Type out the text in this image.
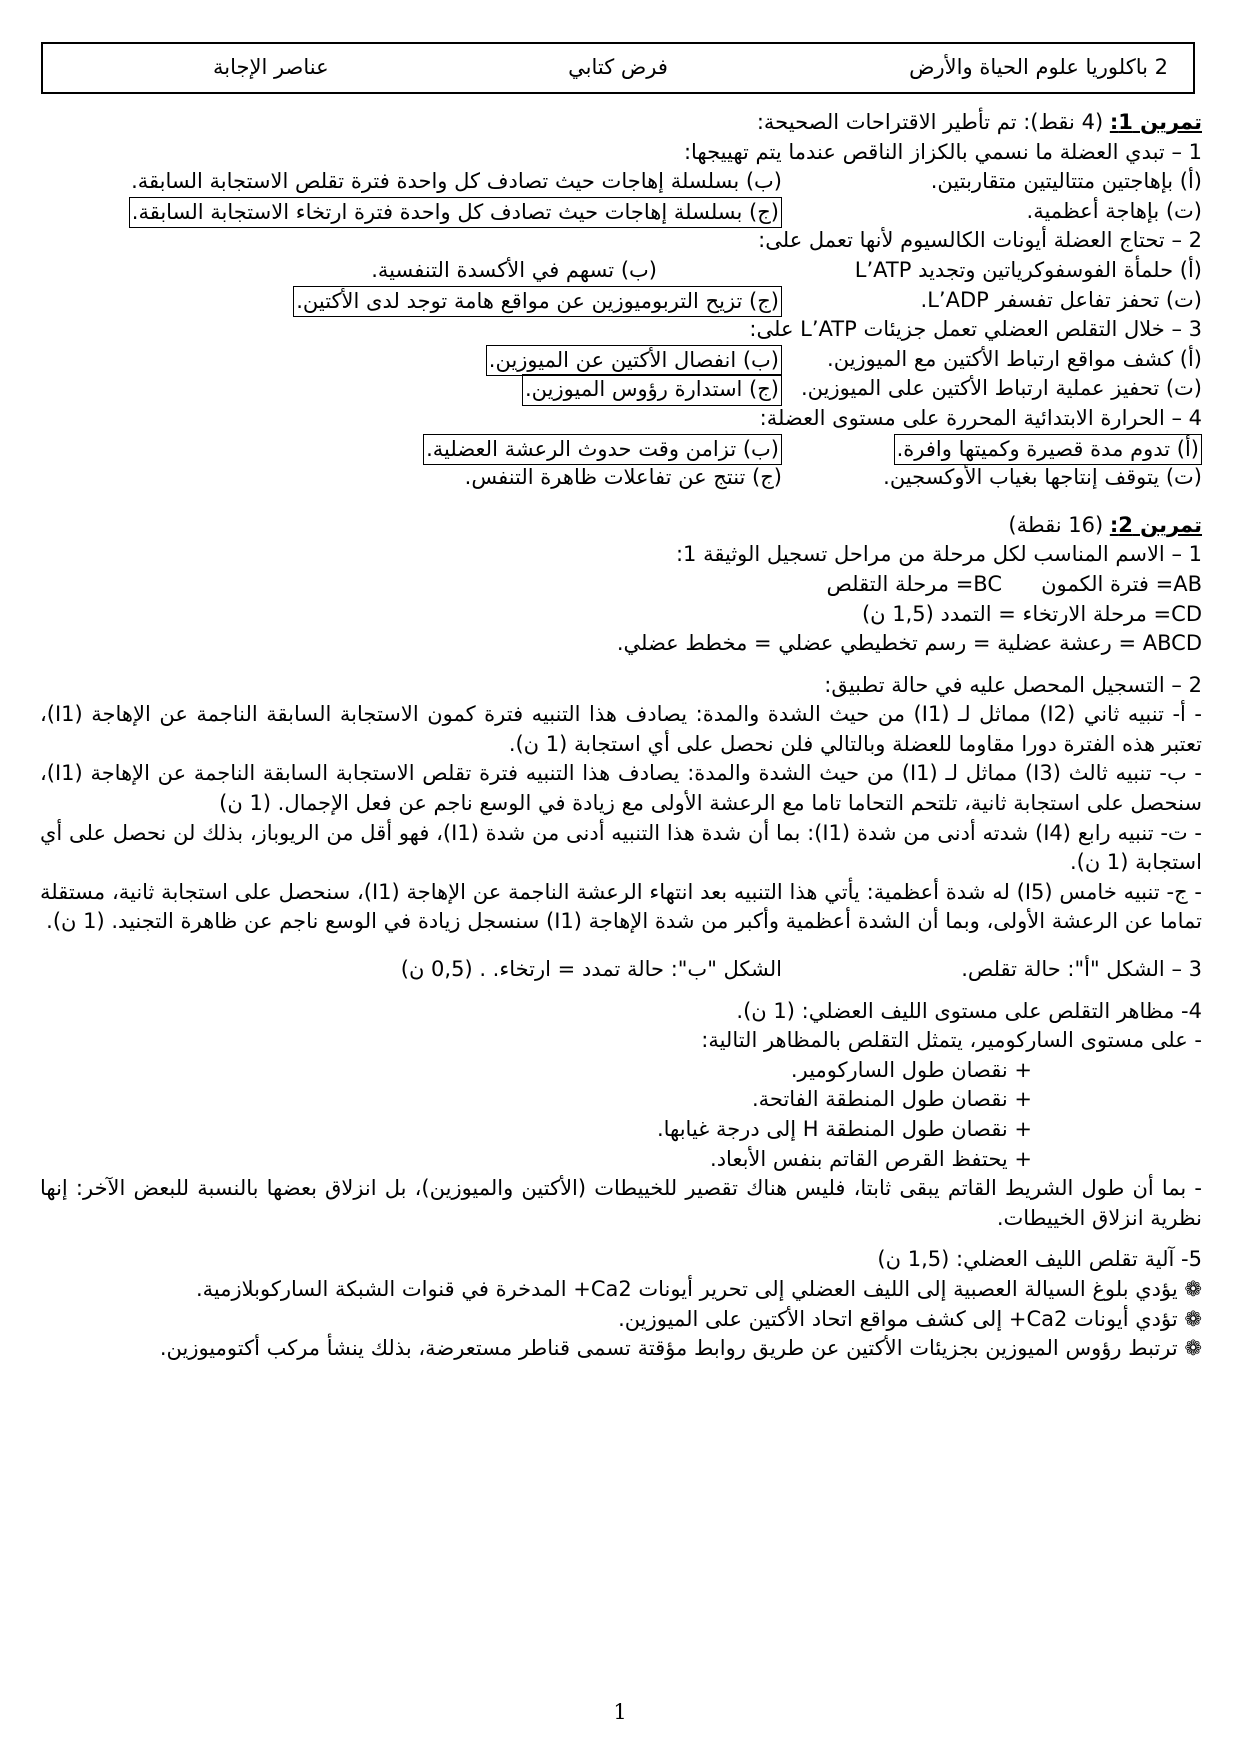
2 باكلوريا علوم الحياة والأرض
فرض كتابي
عناصر الإجابة
تمرين 1: (4 نقط): تم تأطير الاقتراحات الصحيحة:
1 – تبدي العضلة ما نسمي بالكزاز الناقص عندما يتم تهييجها:
(أ) بإهاجتين متتاليتين متقاربتين.
(ب) بسلسلة إهاجات حيث تصادف كل واحدة فترة تقلص الاستجابة السابقة.
(ت) بإهاجة أعظمية.
(ج) بسلسلة إهاجات حيث تصادف كل واحدة فترة ارتخاء الاستجابة السابقة.
2 – تحتاج العضلة أيونات الكالسيوم لأنها تعمل على:
(أ) حلمأة الفوسفوكرياتين وتجديد L’ATP
(ب) تسهم في الأكسدة التنفسية.
(ت) تحفز تفاعل تفسفر L’ADP.
(ج) تزيح التربوميوزين عن مواقع هامة توجد لدى الأكتين.
3 – خلال التقلص العضلي تعمل جزيئات L’ATP على:
(أ) كشف مواقع ارتباط الأكتين مع الميوزين.
(ب) انفصال الأكتين عن الميوزين.
(ت) تحفيز عملية ارتباط الأكتين على الميوزين.
(ج) استدارة رؤوس الميوزين.
4 – الحرارة الابتدائية المحررة على مستوى العضلة:
(أ) تدوم مدة قصيرة وكميتها وافرة.
(ب) تزامن وقت حدوث الرعشة العضلية.
(ت) يتوقف إنتاجها بغياب الأوكسجين.
(ج) تنتج عن تفاعلات ظاهرة التنفس.
تمرين 2: (16 نقطة)
1 – الاسم المناسب لكل مرحلة من مراحل تسجيل الوثيقة 1:
AB= فترة الكمون
BC= مرحلة التقلص
CD= مرحلة الارتخاء = التمدد (1,5 ن)
ABCD = رعشة عضلية = رسم تخطيطي عضلي = مخطط عضلي.
2 – التسجيل المحصل عليه في حالة تطبيق:
- أ- تنبيه ثاني (I2) مماثل لـ (I1) من حيث الشدة والمدة: يصادف هذا التنبيه فترة كمون الاستجابة السابقة الناجمة عن الإهاجة (I1)، تعتبر هذه الفترة دورا مقاوما للعضلة وبالتالي فلن نحصل على أي استجابة (1 ن).
- ب- تنبيه ثالث (I3) مماثل لـ (I1) من حيث الشدة والمدة: يصادف هذا التنبيه فترة تقلص الاستجابة السابقة الناجمة عن الإهاجة (I1)، سنحصل على استجابة ثانية، تلتحم التحاما تاما مع الرعشة الأولى مع زيادة في الوسع ناجم عن فعل الإجمال. (1 ن)
- ت- تنبيه رابع (I4) شدته أدنى من شدة (I1): بما أن شدة هذا التنبيه أدنى من شدة (I1)، فهو أقل من الريوباز، بذلك لن نحصل على أي استجابة (1 ن).
- ج- تنبيه خامس (I5) له شدة أعظمية: يأتي هذا التنبيه بعد انتهاء الرعشة الناجمة عن الإهاجة (I1)، سنحصل على استجابة ثانية، مستقلة تماما عن الرعشة الأولى، وبما أن الشدة أعظمية وأكبر من شدة الإهاجة (I1) سنسجل زيادة في الوسع ناجم عن ظاهرة التجنيد. (1 ن).
3 – الشكل "أ": حالة تقلص.
الشكل "ب": حالة تمدد = ارتخاء. . (0,5 ن)
4- مظاهر التقلص على مستوى الليف العضلي: (1 ن).
- على مستوى الساركومير، يتمثل التقلص بالمظاهر التالية:
+ نقصان طول الساركومير.
+ نقصان طول المنطقة الفاتحة.
+ نقصان طول المنطقة H إلى درجة غيابها.
+ يحتفظ القرص القاتم بنفس الأبعاد.
- بما أن طول الشريط القاتم يبقى ثابتا، فليس هناك تقصير للخييطات (الأكتين والميوزين)، بل انزلاق بعضها بالنسبة للبعض الآخر: إنها نظرية انزلاق الخييطات.
5- آلية تقلص الليف العضلي: (1,5 ن)
❁ يؤدي بلوغ السيالة العصبية إلى الليف العضلي إلى تحرير أيونات Ca2+ المدخرة في قنوات الشبكة الساركوبلازمية.
❁ تؤدي أيونات Ca2+ إلى كشف مواقع اتحاد الأكتين على الميوزين.
❁ ترتبط رؤوس الميوزين بجزيئات الأكتين عن طريق روابط مؤقتة تسمى قناطر مستعرضة، بذلك ينشأ مركب أكتوميوزين.
1
